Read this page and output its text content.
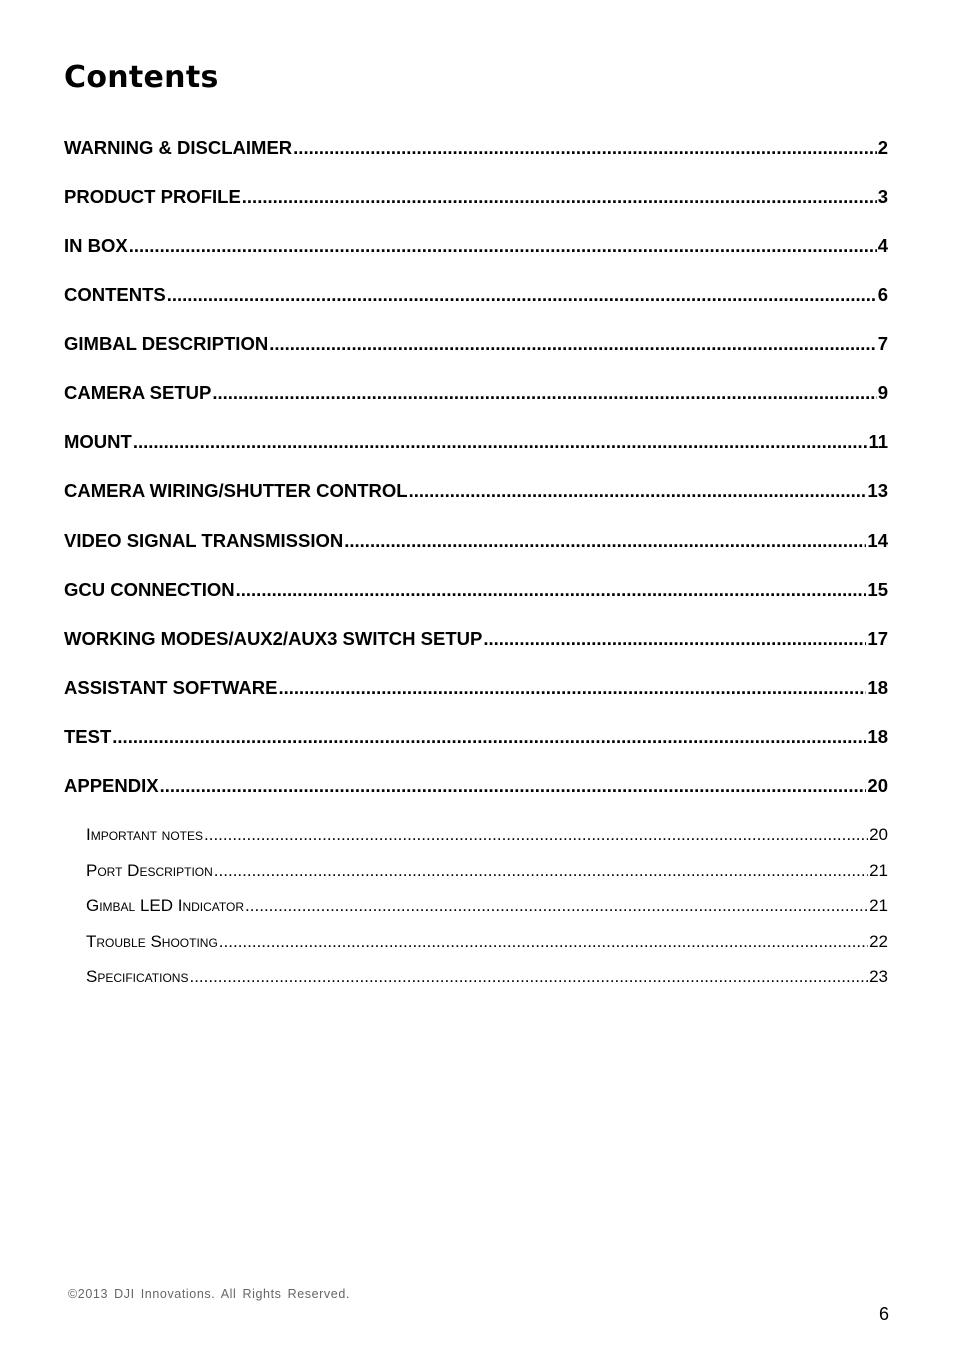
Contents
WARNING & DISCLAIMER .....	2
PRODUCT PROFILE .....	3
IN BOX .....	4
CONTENTS .....	6
GIMBAL DESCRIPTION .....	7
CAMERA SETUP .....	9
MOUNT .....	11
CAMERA WIRING/SHUTTER CONTROL .....	13
VIDEO SIGNAL TRANSMISSION .....	14
GCU CONNECTION .....	15
WORKING MODES/AUX2/AUX3 SWITCH SETUP .....	17
ASSISTANT SOFTWARE .....	18
TEST .....	18
APPENDIX .....	20
Important notes .....	20
Port Description .....	21
Gimbal LED Indicator .....	21
Trouble Shooting .....	22
Specifications .....	23
©2013 DJI Innovations. All Rights Reserved.
6
